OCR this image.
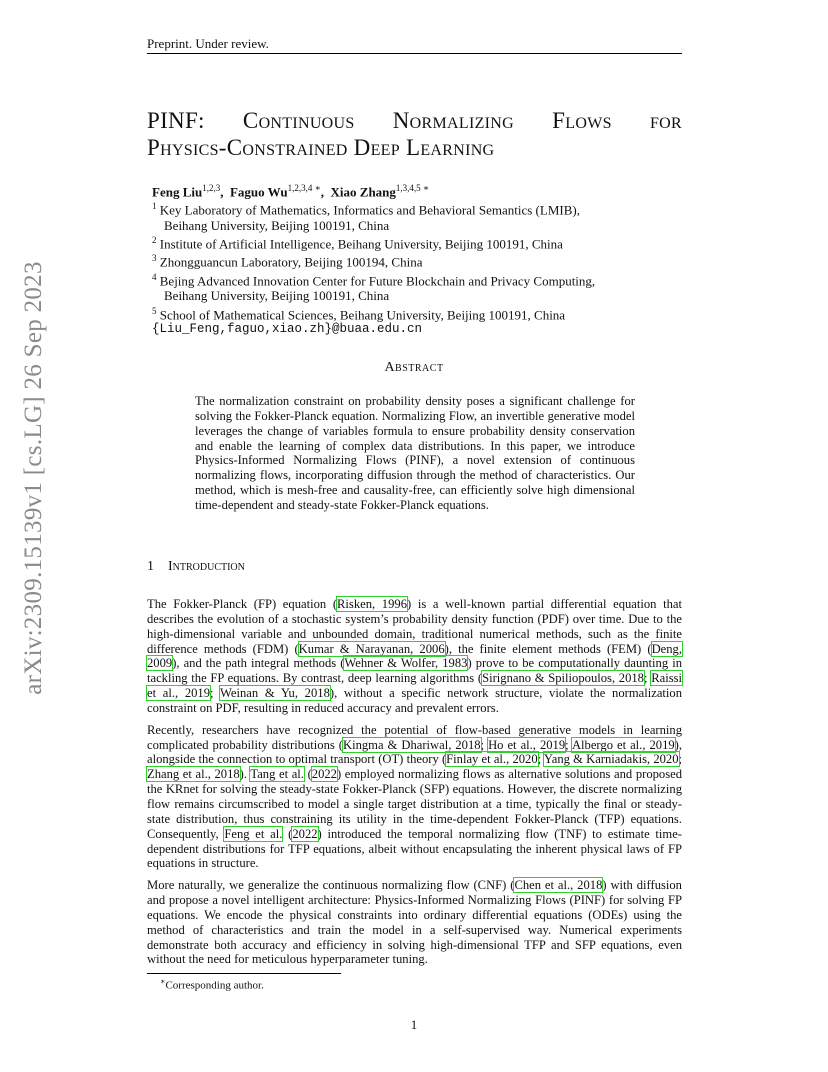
arXiv:2309.15139v1 [cs.LG] 26 Sep 2023
Preprint. Under review.
PINF: Continuous Normalizing Flows for
Physics-Constrained Deep Learning
Feng Liu$^{1,2,3}$,  Faguo $Wu^{1,2,3,4 ∗}$,  Xiao Zhang$^{1,3,4,5 ∗}$
$^1$ Key Laboratory of Mathematics, Informatics and Behavioral Semantics (LMIB),
Beihang University, Beijing 100191, China
$^2$ Institute of Artificial Intelligence, Beihang University, Beijing 100191, China
$^3$ Zhongguancun Laboratory, Beijing 100194, China
$^4$ Bejing Advanced Innovation Center for Future Blockchain and Privacy Computing,
Beihang University, Beijing 100191, China
$^5$ School of Mathematical Sciences, Beihang University, Beijing 100191, China
{Liu_Feng,faguo,xiao.zh}@buaa.edu.cn
Abstract
The normalization constraint on probability density poses a significant challenge for solving the Fokker-Planck equation. Normalizing Flow, an invertible generative model leverages the change of variables formula to ensure probability density conservation and enable the learning of complex data distributions. In this paper, we introduce Physics-Informed Normalizing Flows (PINF), a novel extension of continuous normalizing flows, incorporating diffusion through the method of characteristics. Our method, which is mesh-free and causality-free, can efficiently solve high dimensional time-dependent and steady-state Fokker-Planck equations.
1 Introduction

The Fokker-Planck (FP) equation (Risken, 1996) is a well-known partial differential equation that describes the evolution of a stochastic system’s probability density function (PDF) over time. Due to the high-dimensional variable and unbounded domain, traditional numerical methods, such as the finite difference methods (FDM) (Kumar & Narayanan, 2006), the finite element methods (FEM) (Deng, 2009), and the path integral methods (Wehner & Wolfer, 1983) prove to be computationally daunting in tackling the FP equations. By contrast, deep learning algorithms (Sirignano & Spiliopoulos, 2018; Raissi et al., 2019; Weinan & Yu, 2018), without a specific network structure, violate the normalization constraint on PDF, resulting in reduced accuracy and prevalent errors.

Recently, researchers have recognized the potential of flow-based generative models in learning complicated probability distributions (Kingma & Dhariwal, 2018; Ho et al., 2019; Albergo et al., 2019), alongside the connection to optimal transport (OT) theory (Finlay et al., 2020; Yang & Karniadakis, 2020; Zhang et al., 2018). Tang et al. (2022) employed normalizing flows as alternative solutions and proposed the KRnet for solving the steady-state Fokker-Planck (SFP) equations. However, the discrete normalizing flow remains circumscribed to model a single target distribution at a time, typically the final or steady-state distribution, thus constraining its utility in the time-dependent Fokker-Planck (TFP) equations. Consequently, Feng et al. (2022) introduced the temporal normalizing flow (TNF) to estimate time-dependent distributions for TFP equations, albeit without encapsulating the inherent physical laws of FP equations in structure.

More naturally, we generalize the continuous normalizing flow (CNF) (Chen et al., 2018) with diffusion and propose a novel intelligent architecture: Physics-Informed Normalizing Flows (PINF) for solving FP equations. We encode the physical constraints into ordinary differential equations (ODEs) using the method of characteristics and train the model in a self-supervised way. Numerical experiments demonstrate both accuracy and efficiency in solving high-dimensional TFP and SFP equations, even without the need for meticulous hyperparameter tuning.

∗Corresponding author.
1
